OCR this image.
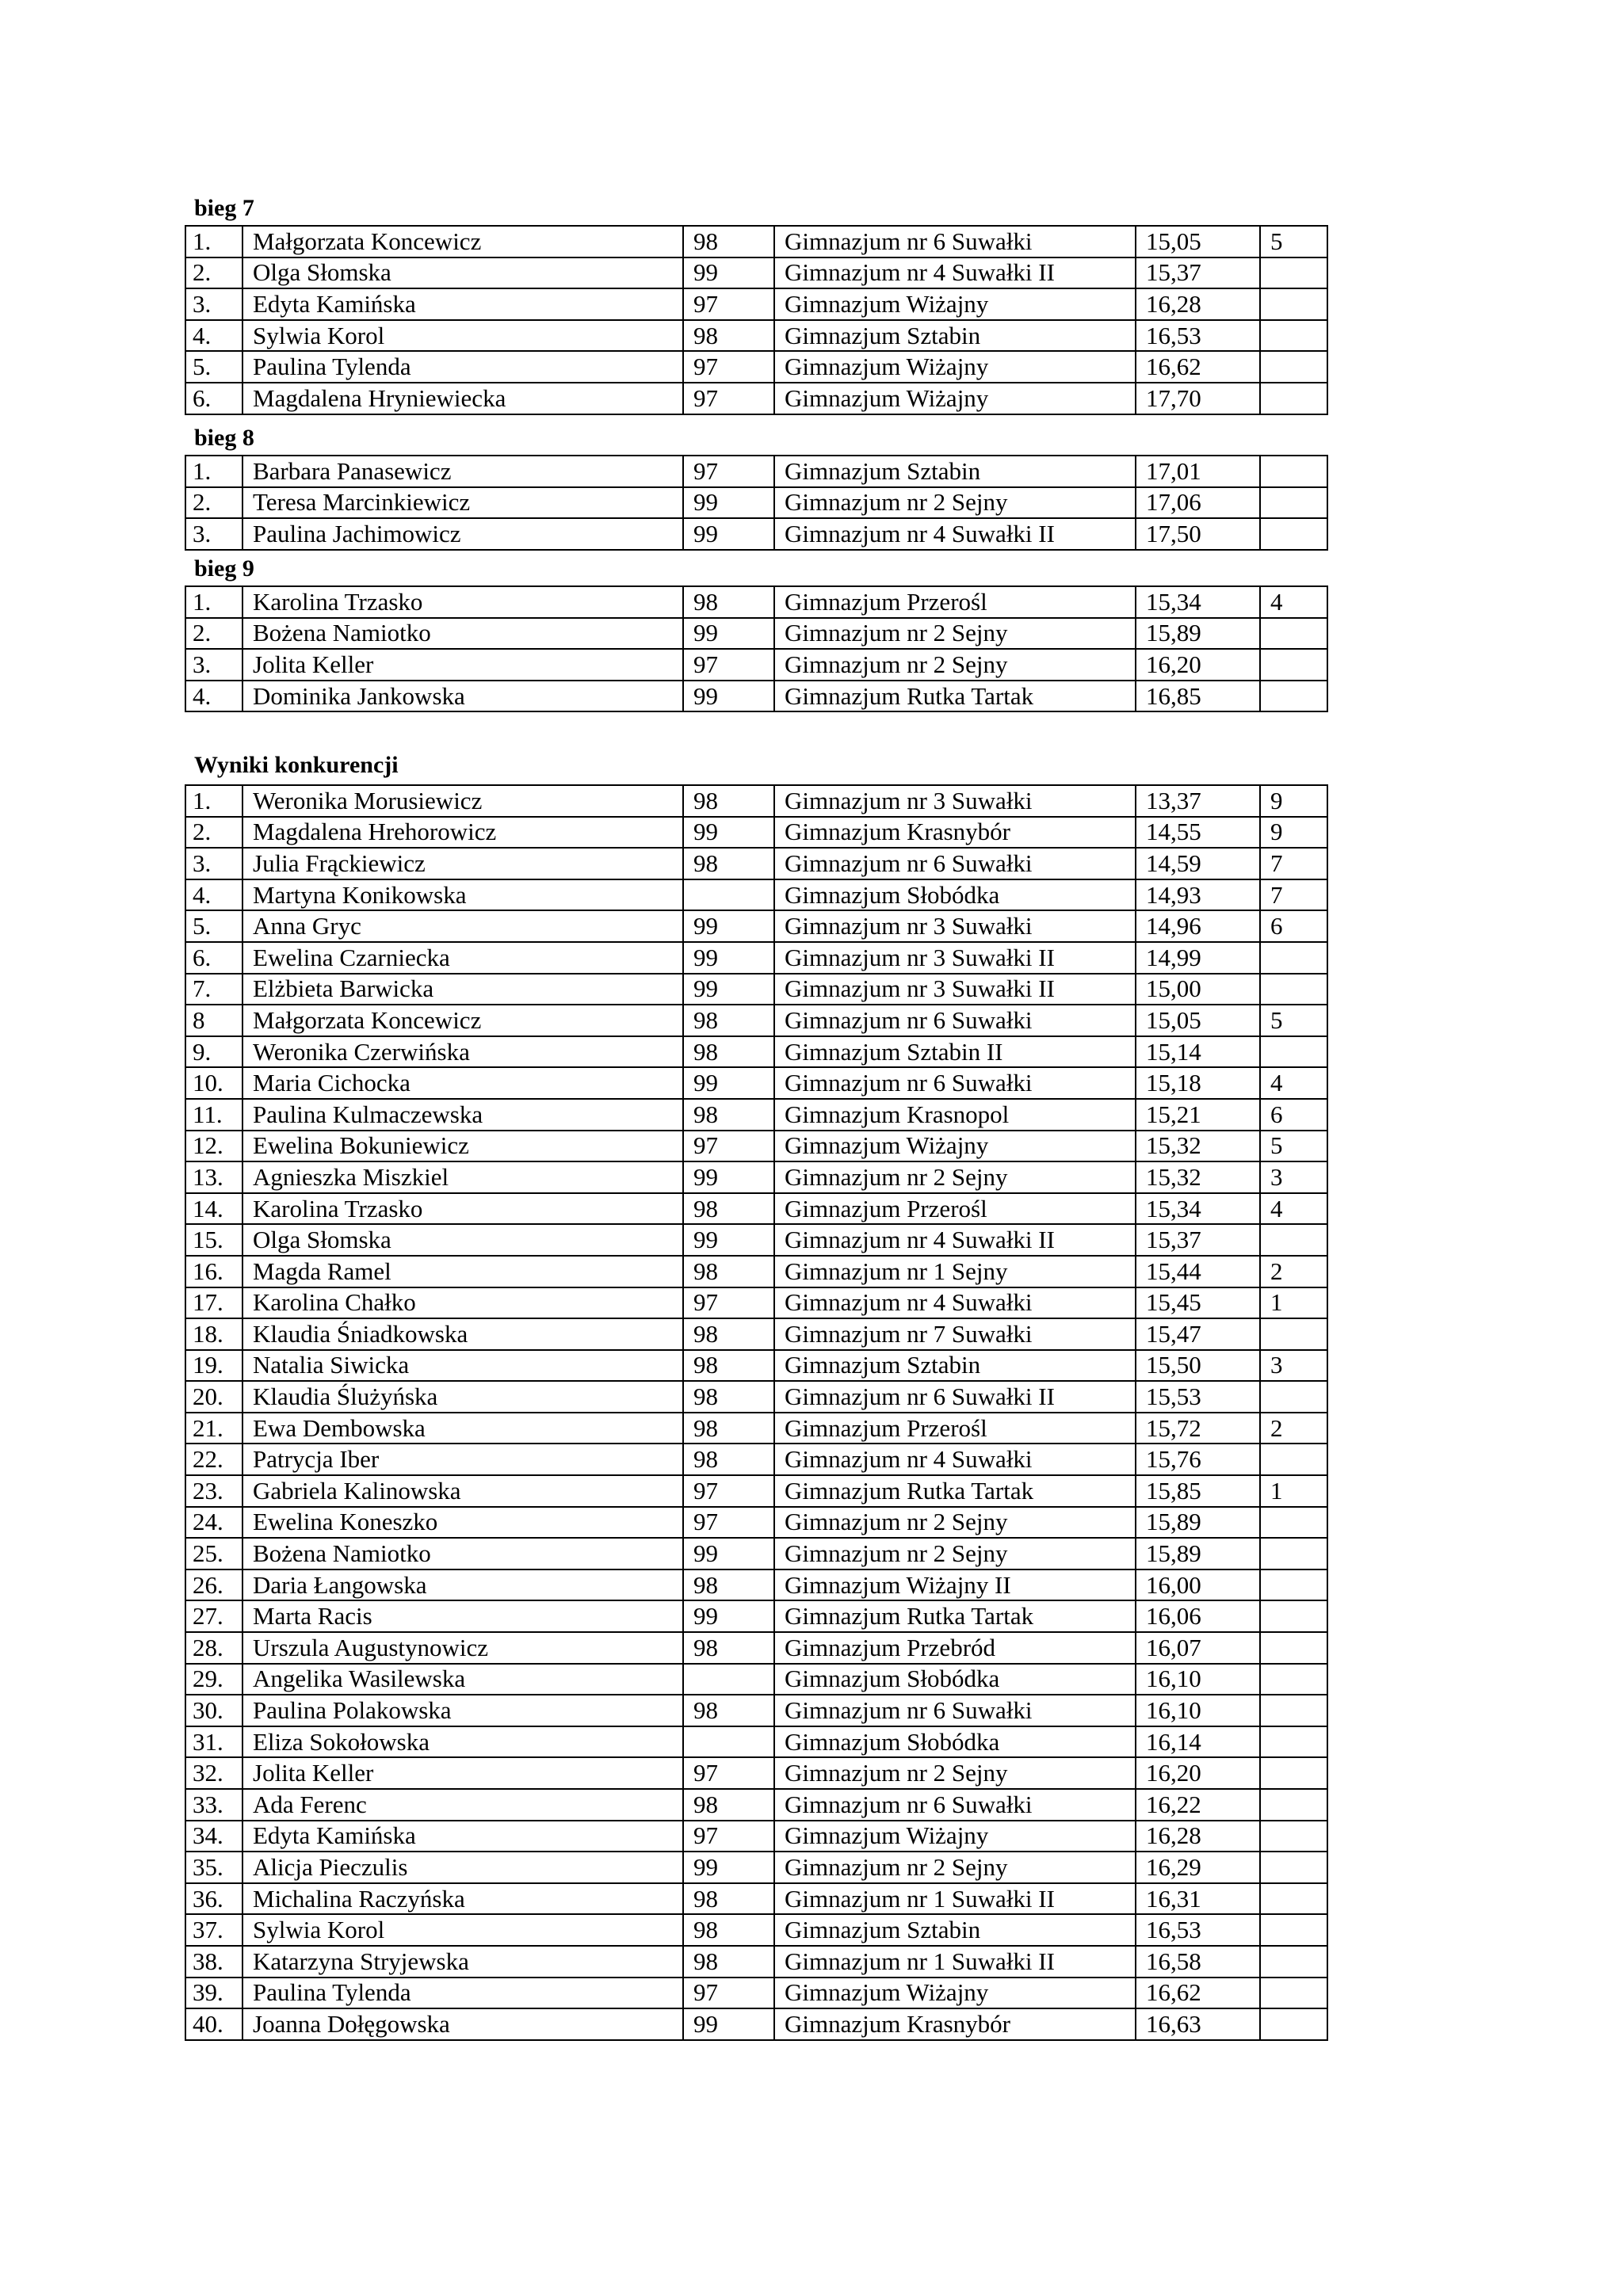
bieg 7
1.	Małgorzata Koncewicz	98	Gimnazjum nr 6 Suwałki	15,05	5
2.	Olga Słomska	99	Gimnazjum nr 4 Suwałki II	15,37	
3.	Edyta Kamińska	97	Gimnazjum Wiżajny	16,28	
4.	Sylwia Korol	98	Gimnazjum Sztabin	16,53	
5.	Paulina Tylenda	97	Gimnazjum Wiżajny	16,62	
6.	Magdalena Hryniewiecka	97	Gimnazjum Wiżajny	17,70	
bieg 8
1.	Barbara Panasewicz	97	Gimnazjum Sztabin	17,01	
2.	Teresa Marcinkiewicz	99	Gimnazjum nr 2 Sejny	17,06	
3.	Paulina Jachimowicz	99	Gimnazjum nr 4 Suwałki II	17,50	
bieg 9
1.	Karolina Trzasko	98	Gimnazjum Przerośl	15,34	4
2.	Bożena Namiotko	99	Gimnazjum nr 2 Sejny	15,89	
3.	Jolita Keller	97	Gimnazjum nr 2 Sejny	16,20	
4.	Dominika Jankowska	99	Gimnazjum Rutka Tartak	16,85	
Wyniki konkurencji
1.	Weronika Morusiewicz	98	Gimnazjum nr 3 Suwałki	13,37	9
2.	Magdalena Hrehorowicz	99	Gimnazjum Krasnybór	14,55	9
3.	Julia Frąckiewicz	98	Gimnazjum nr 6 Suwałki	14,59	7
4.	Martyna Konikowska		Gimnazjum Słobódka	14,93	7
5.	Anna Gryc	99	Gimnazjum nr 3 Suwałki	14,96	6
6.	Ewelina Czarniecka	99	Gimnazjum nr 3 Suwałki II	14,99	
7.	Elżbieta Barwicka	99	Gimnazjum nr 3 Suwałki II	15,00	
8	Małgorzata Koncewicz	98	Gimnazjum nr 6 Suwałki	15,05	5
9.	Weronika Czerwińska	98	Gimnazjum Sztabin II	15,14	
10.	Maria Cichocka	99	Gimnazjum nr 6 Suwałki	15,18	4
11.	Paulina Kulmaczewska	98	Gimnazjum Krasnopol	15,21	6
12.	Ewelina Bokuniewicz	97	Gimnazjum Wiżajny	15,32	5
13.	Agnieszka Miszkiel	99	Gimnazjum nr 2 Sejny	15,32	3
14.	Karolina Trzasko	98	Gimnazjum Przerośl	15,34	4
15.	Olga Słomska	99	Gimnazjum nr 4 Suwałki II	15,37	
16.	Magda Ramel	98	Gimnazjum nr 1 Sejny	15,44	2
17.	Karolina Chałko	97	Gimnazjum nr 4 Suwałki	15,45	1
18.	Klaudia Śniadkowska	98	Gimnazjum nr 7 Suwałki	15,47	
19.	Natalia Siwicka	98	Gimnazjum Sztabin	15,50	3
20.	Klaudia Ślużyńska	98	Gimnazjum nr 6 Suwałki II	15,53	
21.	Ewa Dembowska	98	Gimnazjum Przerośl	15,72	2
22.	Patrycja Iber	98	Gimnazjum nr 4 Suwałki	15,76	
23.	Gabriela Kalinowska	97	Gimnazjum Rutka Tartak	15,85	1
24.	Ewelina Koneszko	97	Gimnazjum nr 2 Sejny	15,89	
25.	Bożena Namiotko	99	Gimnazjum nr 2 Sejny	15,89	
26.	Daria Łangowska	98	Gimnazjum Wiżajny II	16,00	
27.	Marta Racis	99	Gimnazjum Rutka Tartak	16,06	
28.	Urszula Augustynowicz	98	Gimnazjum Przebród	16,07	
29.	Angelika Wasilewska		Gimnazjum Słobódka	16,10	
30.	Paulina Polakowska	98	Gimnazjum nr 6 Suwałki	16,10	
31.	Eliza Sokołowska		Gimnazjum Słobódka	16,14	
32.	Jolita Keller	97	Gimnazjum nr 2 Sejny	16,20	
33.	Ada Ferenc	98	Gimnazjum nr 6 Suwałki	16,22	
34.	Edyta Kamińska	97	Gimnazjum Wiżajny	16,28	
35.	Alicja Pieczulis	99	Gimnazjum nr 2 Sejny	16,29	
36.	Michalina Raczyńska	98	Gimnazjum nr 1 Suwałki II	16,31	
37.	Sylwia Korol	98	Gimnazjum Sztabin	16,53	
38.	Katarzyna Stryjewska	98	Gimnazjum nr 1 Suwałki II	16,58	
39.	Paulina Tylenda	97	Gimnazjum Wiżajny	16,62	
40.	Joanna Dołęgowska	99	Gimnazjum Krasnybór	16,63	
